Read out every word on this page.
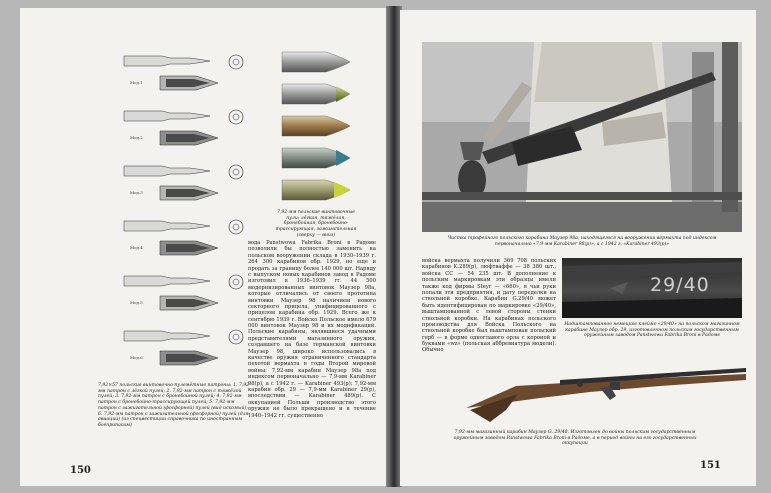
Мод.1
Мод.2
Мод.3
Мод.4
Мод.5
Мод.6
7,92-мм польские винтовочные пули: лёгкая, тяжёлая, бронебойная, бронебойно-трассирующая, зажигательная (сверху — вниз)
7,92×57 польские винтовочно-пулемётные патроны: 1. 7,92-мм патрон с лёгкой пулей; 2. 7,92-мм патрон с тяжёлой пулей; 3. 7,92-мм патрон с бронебойной пулей; 4. 7,92-мм патрон с бронебойно-трассирующей пулей; 5. 7,92-мм патрон с зажигательной (фосфорной) пулей (вид искомый); 6. 7,92-мм патрон с зажигательной (фосфорной) пулей (для авиации) (из спецвестиции справочника по иностранным боеприпасам)
вода Panstwowa Fabrika Broni в Радоме позволили бы полностью заменить на польском вооружении склада в 1930–1939 г. 264 300 карабинов обр. 1929, но еще и продать за границу более 140 000 шт. Наряду с выпуском новых карабинов завод в Радоме изготовил в 1936–1939 гг. 44 500 модернизированных винтовок Маузер 98а, которые отличались от своего прототипа винтовки Маузер 98 наличием нового секторного прицела, унифицированного с прицелом карабина обр. 1929. Всего же к сентябрю 1939 г. Войско Польское имело 679 000 винтовок Маузер 98 и их модификаций. Польские карабины, являвшиеся удачными представителями магазинного оружия, создавшего на базе германской винтовки Маузер 98, широко использовались в качестве оружия ограниченного стандарта пехотой вермахта в годы Второй мировой войны: 7,92-мм карабин Маузер 98а под индексом первоначально — 7,9-мм Karabiner 98(p), а с 1942 г. — Karabiner 493(p); 7,92-мм карабин обр. 29 — 7,9-мм Karabiner 29(p), впоследствии — Karabiner 489(p). С оккупацией Польши производство этого оружия не было прекращено и в течение 1940–1942 гг. существенно
150
Чистка трофейного польского карабина Маузер 98а, находящегося на вооружении вермахта под индексом первоначально «7,9-мм Karabiner 98(p)», а с 1942 г. «Karabiner 493(p)»
войска вермахта получили 369 708 польских карабинов K.289(p), люфтваффе — 38 380 шт., войска СС — 54 235 шт. В дополнение к польским маркировкам эти образцы имели также код фирмы Steyr — «660», в чьи руки попали эти предприятия, и дату переделки на ствольной коробке. Карабин G.29/40 может быть идентифицирован по маркировке «29/40», выштампованной с левой стороны стенки ствольной коробки. На карабинах польского производства для Войска Польского на ствольной коробке был выштампован польский герб — в форме одноглавого орла с короной и буквами «wz» (польская аббревиатура модели). Обычно
29/40
Надштампованное немецкое клеймо «29/40» на польском магазинном карабине Маузер обр. 29, изготовленном польским государственным оружейным заводом Panstwowa Fabrika Broni в Радоме
7,92-мм магазинный карабин Маузер G. 29/40. Изготовлен до войны польским государственным оружейным заводом Panstwowa Fabrika Broni в Радоме, а в период войны на его государственных оккупации
151
